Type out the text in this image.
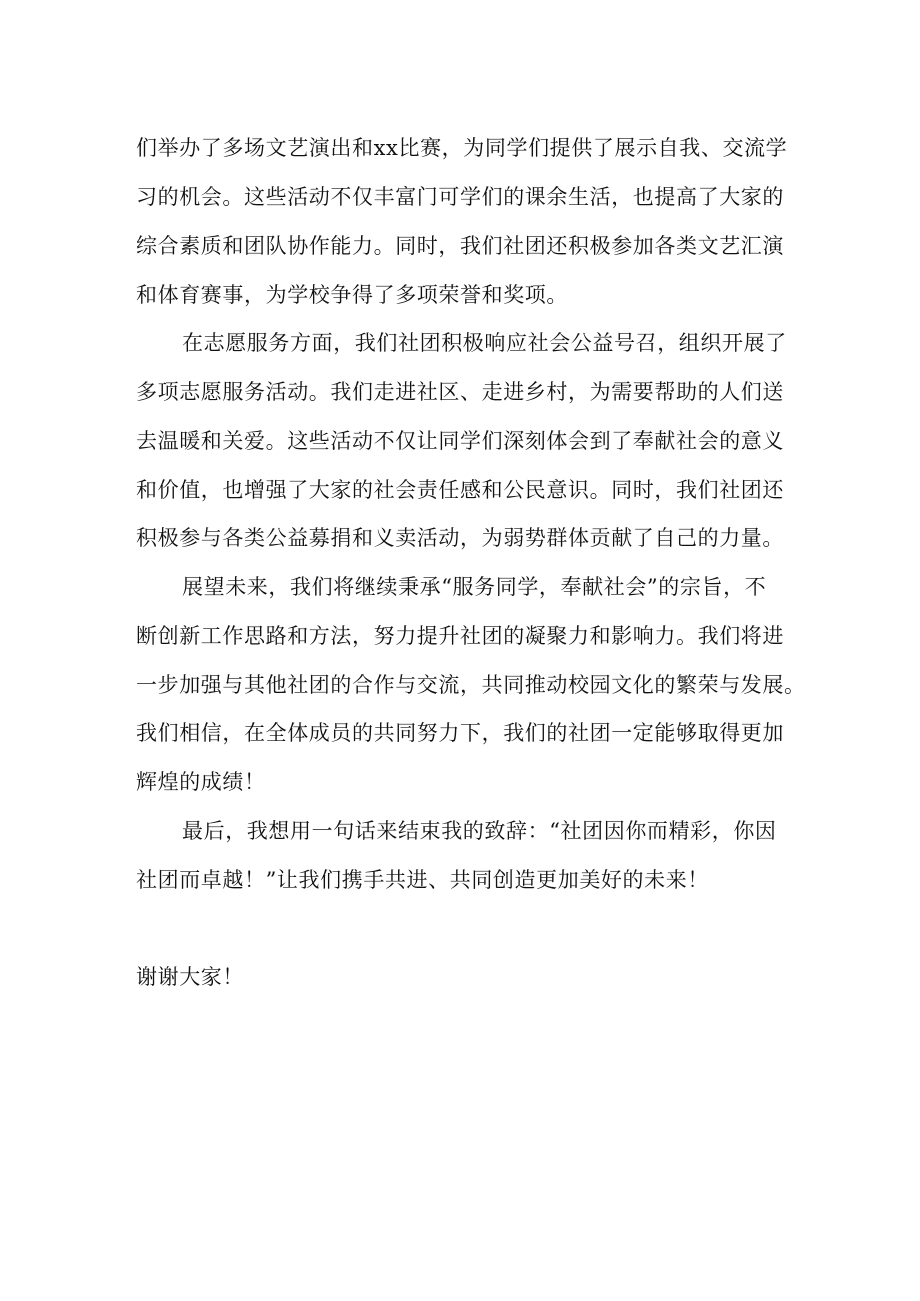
们举办了多场文艺演出和xx比赛，为同学们提供了展示自我、交流学
习的机会。这些活动不仅丰富门可学们的课余生活，也提高了大家的
综合素质和团队协作能力。同时，我们社团还积极参加各类文艺汇演
和体育赛事，为学校争得了多项荣誉和奖项。
在志愿服务方面，我们社团积极响应社会公益号召，组织开展了
多项志愿服务活动。我们走进社区、走进乡村，为需要帮助的人们送
去温暖和关爱。这些活动不仅让同学们深刻体会到了奉献社会的意义
和价值，也增强了大家的社会责任感和公民意识。同时，我们社团还
积极参与各类公益募捐和义卖活动，为弱势群体贡献了自己的力量。
展望未来，我们将继续秉承“服务同学，奉献社会”的宗旨，不
断创新工作思路和方法，努力提升社团的凝聚力和影响力。我们将进
一步加强与其他社团的合作与交流，共同推动校园文化的繁荣与发展。
我们相信，在全体成员的共同努力下，我们的社团一定能够取得更加
辉煌的成绩！
最后，我想用一句话来结束我的致辞：“社团因你而精彩，你因
社团而卓越！”让我们携手共进、共同创造更加美好的未来！
谢谢大家！
